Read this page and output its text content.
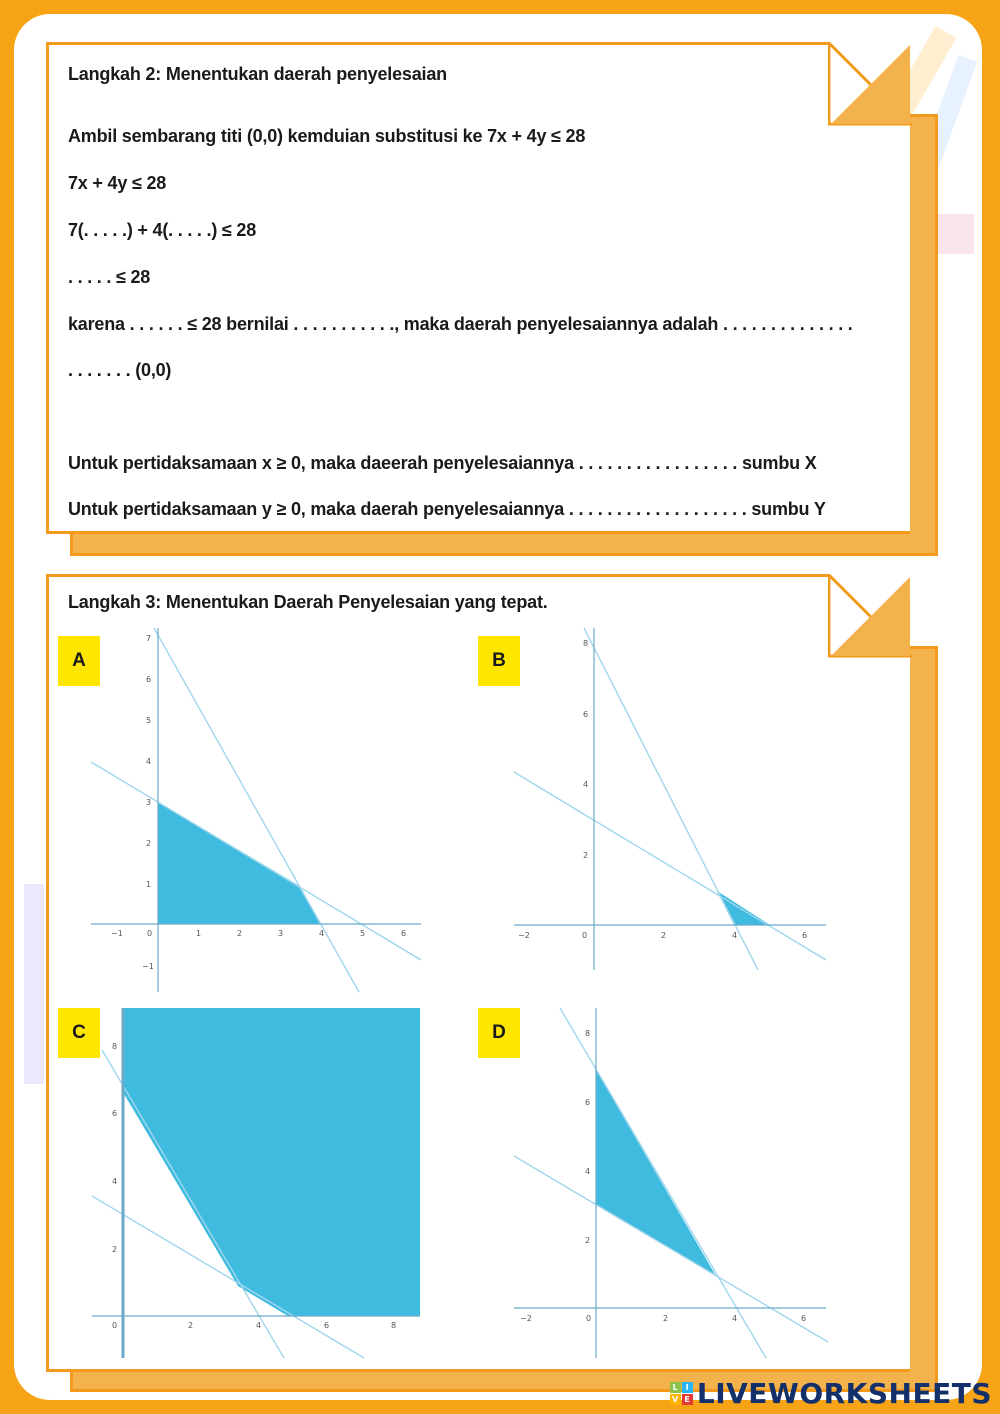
Langkah 2: Menentukan daerah penyelesaian
Ambil sembarang titi (0,0) kemduian substitusi ke 7x + 4y ≤ 28
7x + 4y ≤ 28
7(. . . . .) + 4(. . . . .) ≤ 28
. . . . . ≤ 28
karena . . . . . . ≤ 28 bernilai . . . . . . . . . . ., maka daerah penyelesaiannya adalah . . . . . . . . . . . . . .
. . . . . . . (0,0)
Untuk pertidaksamaan x ≥ 0, maka daeerah penyelesaiannya . . . . . . . . . . . . . . . . . sumbu X
Untuk pertidaksamaan y ≥ 0, maka daerah penyelesaiannya . . . . . . . . . . . . . . . . . . . sumbu Y
Langkah 3: Menentukan Daerah Penyelesaian yang tepat.
A	B
C	D
−1	0	1	2	3	4	5	6
7
6
5
4
3
2
1
−1
−2	0	2	4	6
8
6
4
2
0	2	4	6	8
8
6
4
2
−2	0	2	4	6
8
6
4
2
L I
V E LIVEWORKSHEETS
